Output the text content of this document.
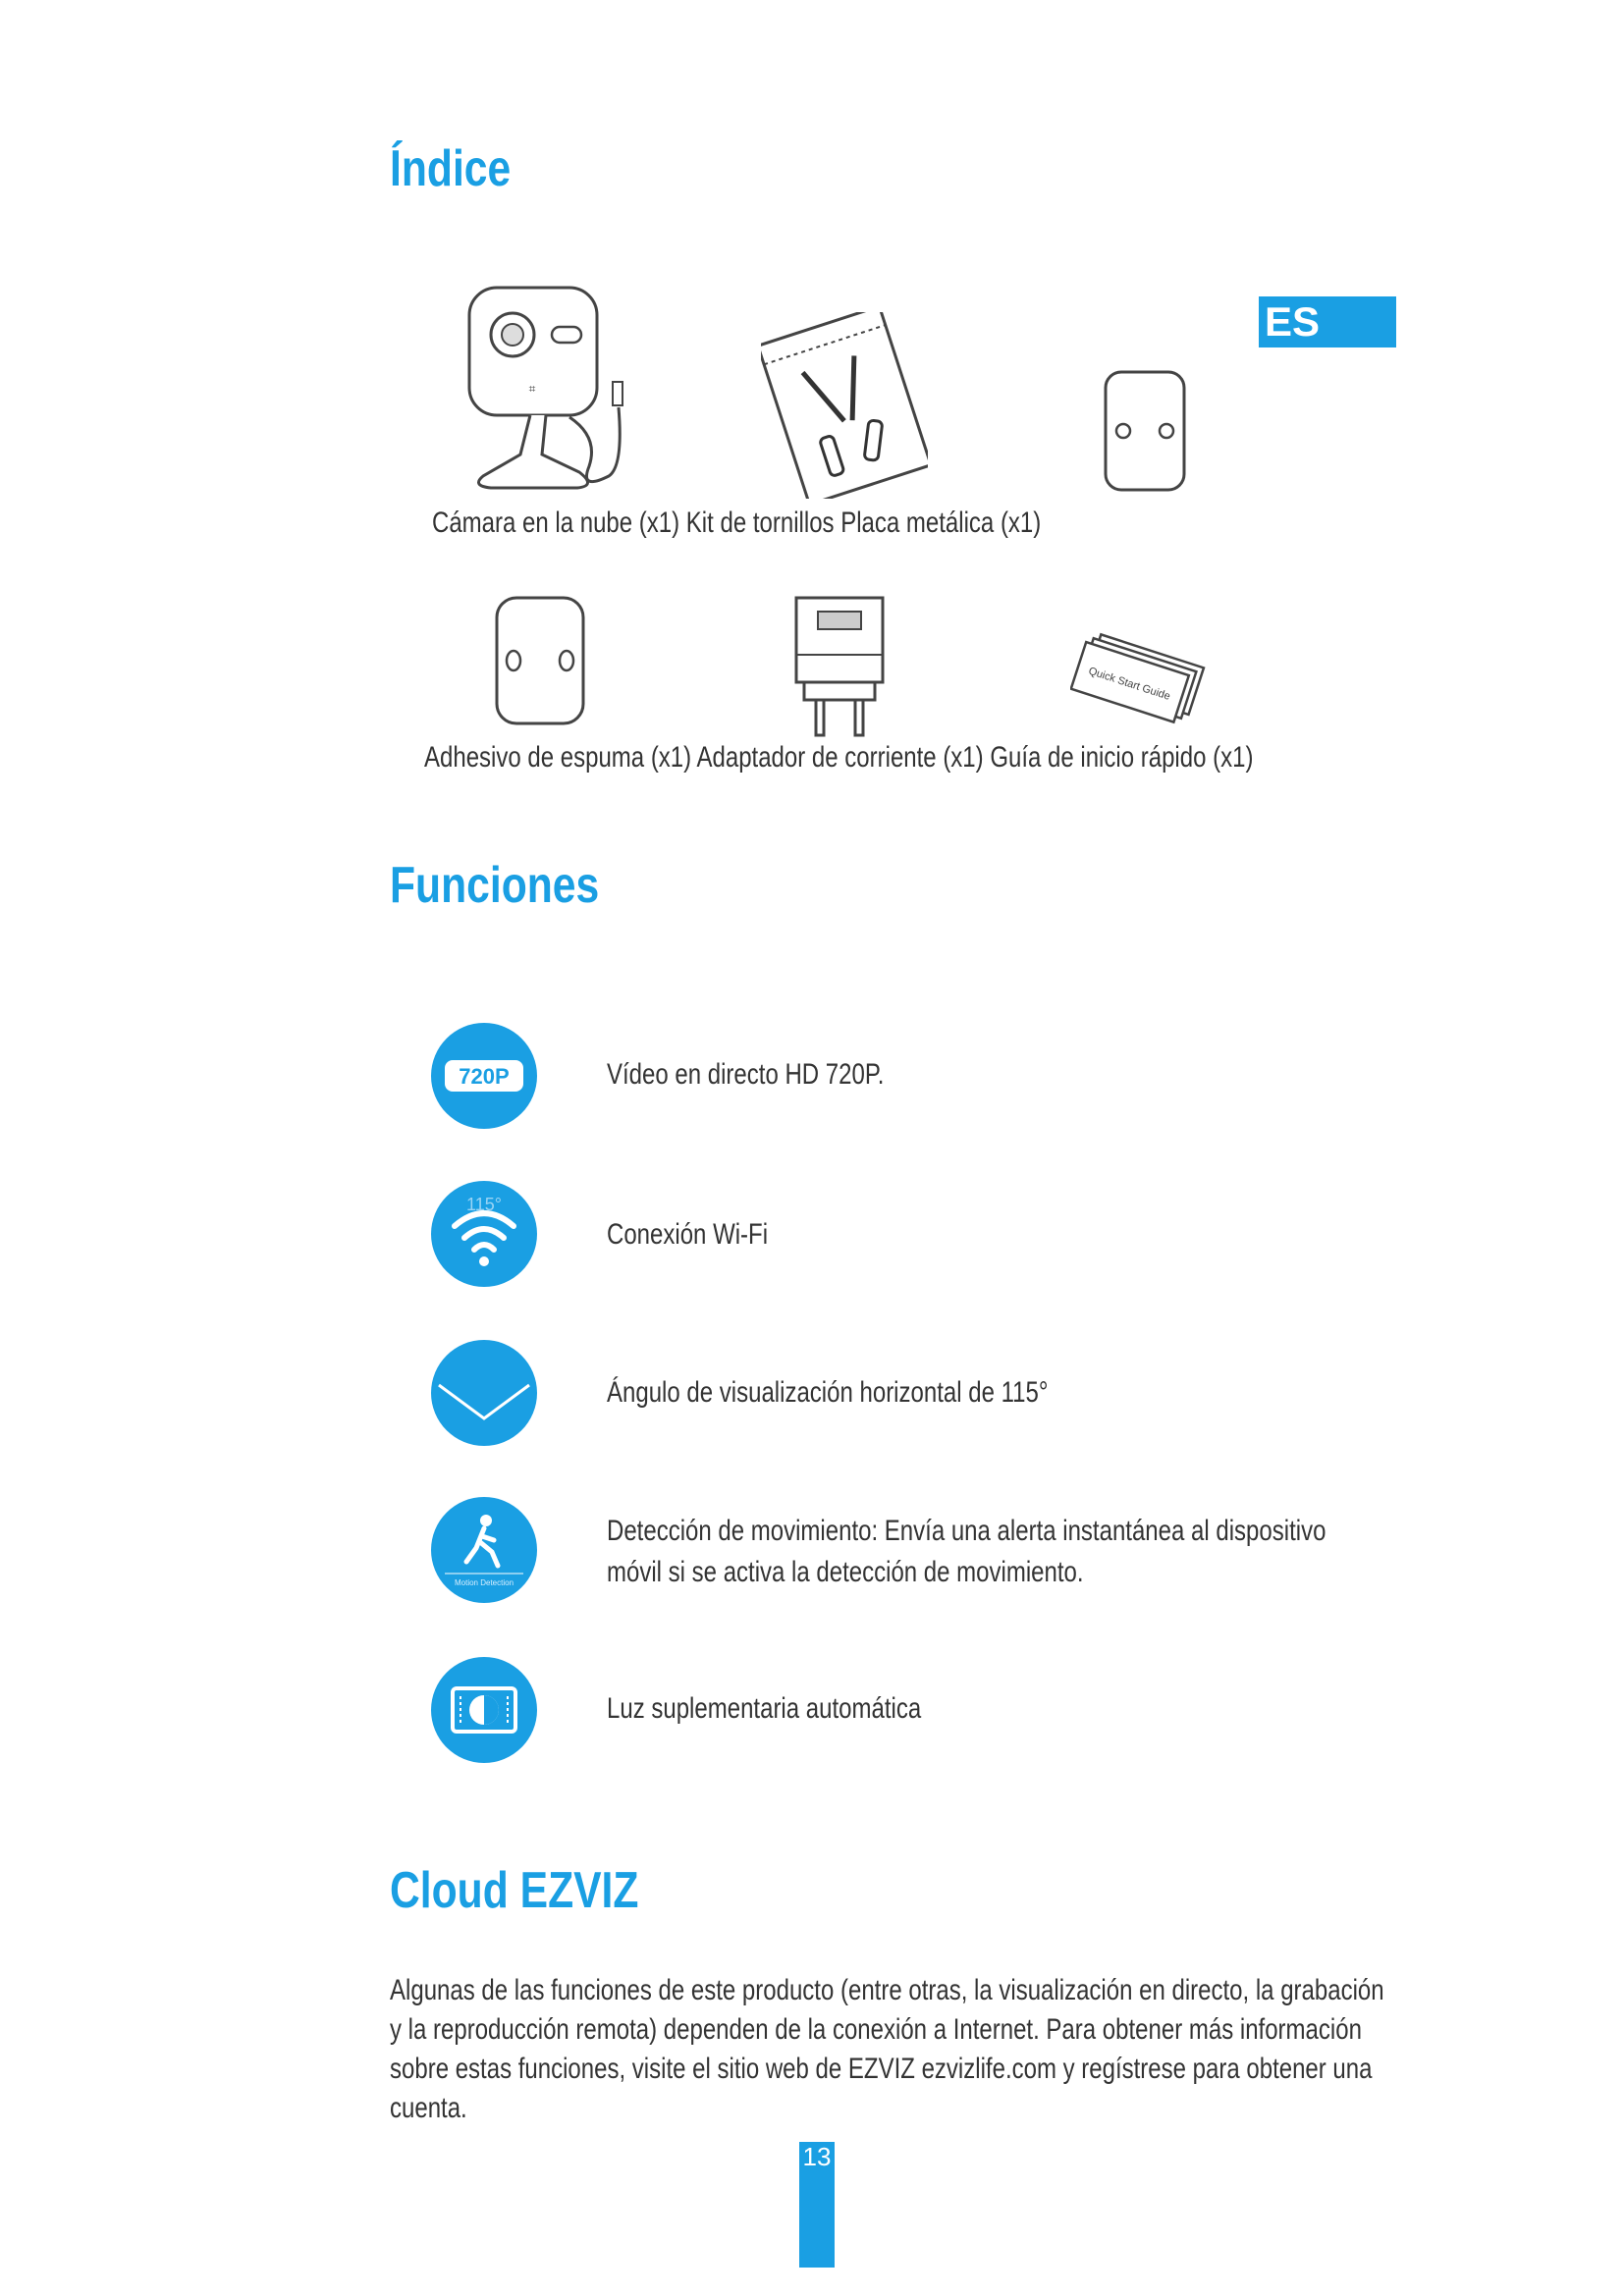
ES
Índice
⌗
Cámara en la nube (x1) Kit de tornillos Placa metálica (x1)
Quick Start Guide
Adhesivo de espuma (x1) Adaptador de corriente (x1) Guía de inicio rápido (x1)
Funciones
720P	Vídeo en directo HD 720P.
115°
Conexión Wi-Fi
Ángulo de visualización horizontal de 115°
Motion Detection
Detección de movimiento: Envía una alerta instantánea al dispositivo
móvil si se activa la detección de movimiento.
Luz suplementaria automática
Cloud EZVIZ
Algunas de las funciones de este producto (entre otras, la visualización en directo, la grabación
y la reproducción remota) dependen de la conexión a Internet. Para obtener más información
sobre estas funciones, visite el sitio web de EZVIZ ezvizlife.com y regístrese para obtener una
cuenta.
13
